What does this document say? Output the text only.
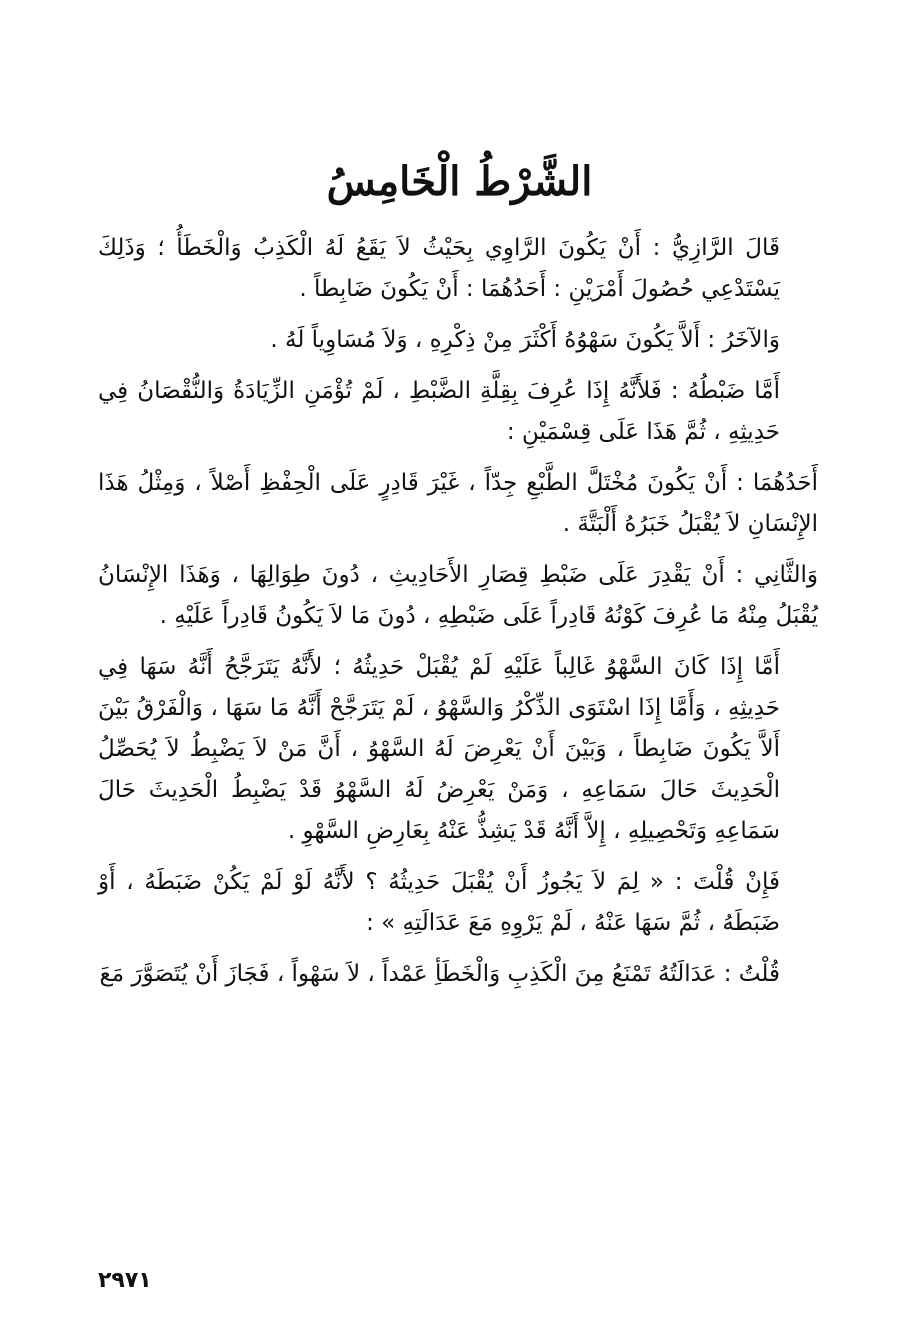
الشَّرْطُ الْخَامِسُ

قَالَ الرَّازِيُّ : أَنْ يَكُونَ الرَّاوِي بِحَيْثُ لاَ يَقَعُ لَهُ الْكَذِبُ وَالْخَطَأُ ؛ وَذَلِكَ يَسْتَدْعِي حُصُولَ أَمْرَيْنِ : أَحَدُهُمَا : أَنْ يَكُونَ ضَابِطاً .

وَالآخَرُ : أَلاَّ يَكُونَ سَهْوُهُ أَكْثَرَ مِنْ ذِكْرِهِ ، وَلاَ مُسَاوِياً لَهُ .

أَمَّا ضَبْطُهُ : فَلأَنَّهُ إِذَا عُرِفَ بِقِلَّةِ الضَّبْطِ ، لَمْ تُؤْمَنِ الزِّيَادَةُ وَالنُّقْصَانُ فِي حَدِيثِهِ ، ثُمَّ هَذَا عَلَى قِسْمَيْنِ :

أَحَدُهُمَا : أَنْ يَكُونَ مُخْتَلَّ الطَّبْعِ جِدّاً ، غَيْرَ قَادِرٍ عَلَى الْحِفْظِ أَصْلاً ، وَمِثْلُ هَذَا الإِنْسَانِ لاَ يُقْبَلُ خَبَرُهُ أَلْبَتَّةَ .

وَالثَّانِي : أَنْ يَقْدِرَ عَلَى ضَبْطِ قِصَارِ الأَحَادِيثِ ، دُونَ طِوَالِهَا ، وَهَذَا الإِنْسَانُ يُقْبَلُ مِنْهُ مَا عُرِفَ كَوْنُهُ قَادِراً عَلَى ضَبْطِهِ ، دُونَ مَا لاَ يَكُونُ قَادِراً عَلَيْهِ .

أَمَّا إِذَا كَانَ السَّهْوُ غَالِباً عَلَيْهِ لَمْ يُقْبَلْ حَدِيثُهُ ؛ لأَنَّهُ يَتَرَجَّحُ أَنَّهُ سَهَا فِي حَدِيثِهِ ، وَأَمَّا إِذَا اسْتَوَى الذِّكْرُ وَالسَّهْوُ ، لَمْ يَتَرَجَّحْ أَنَّهُ مَا سَهَا ، وَالْفَرْقُ بَيْنَ أَلاَّ يَكُونَ ضَابِطاً ، وَبَيْنَ أَنْ يَعْرِضَ لَهُ السَّهْوُ ، أَنَّ مَنْ لاَ يَضْبِطُ لاَ يُحَصِّلُ الْحَدِيثَ حَالَ سَمَاعِهِ ، وَمَنْ يَعْرِضُ لَهُ السَّهْوُ قَدْ يَضْبِطُ الْحَدِيثَ حَالَ سَمَاعِهِ وَتَحْصِيلِهِ ، إِلاَّ أَنَّهُ قَدْ يَشِذُّ عَنْهُ بِعَارِضِ السَّهْوِ .

فَإِنْ قُلْتَ : « لِمَ لاَ يَجُوزُ أَنْ يُقْبَلَ حَدِيثُهُ ؟ لأَنَّهُ لَوْ لَمْ يَكُنْ ضَبَطَهُ ، أَوْ ضَبَطَهُ ، ثُمَّ سَهَا عَنْهُ ، لَمْ يَرْوِهِ مَعَ عَدَالَتِهِ » :

قُلْتُ : عَدَالَتُهُ تَمْنَعُ مِنَ الْكَذِبِ وَالْخَطَأِ عَمْداً ، لاَ سَهْواً ، فَجَازَ أَنْ يُتَصَوَّرَ مَعَ

٢٩٧١
